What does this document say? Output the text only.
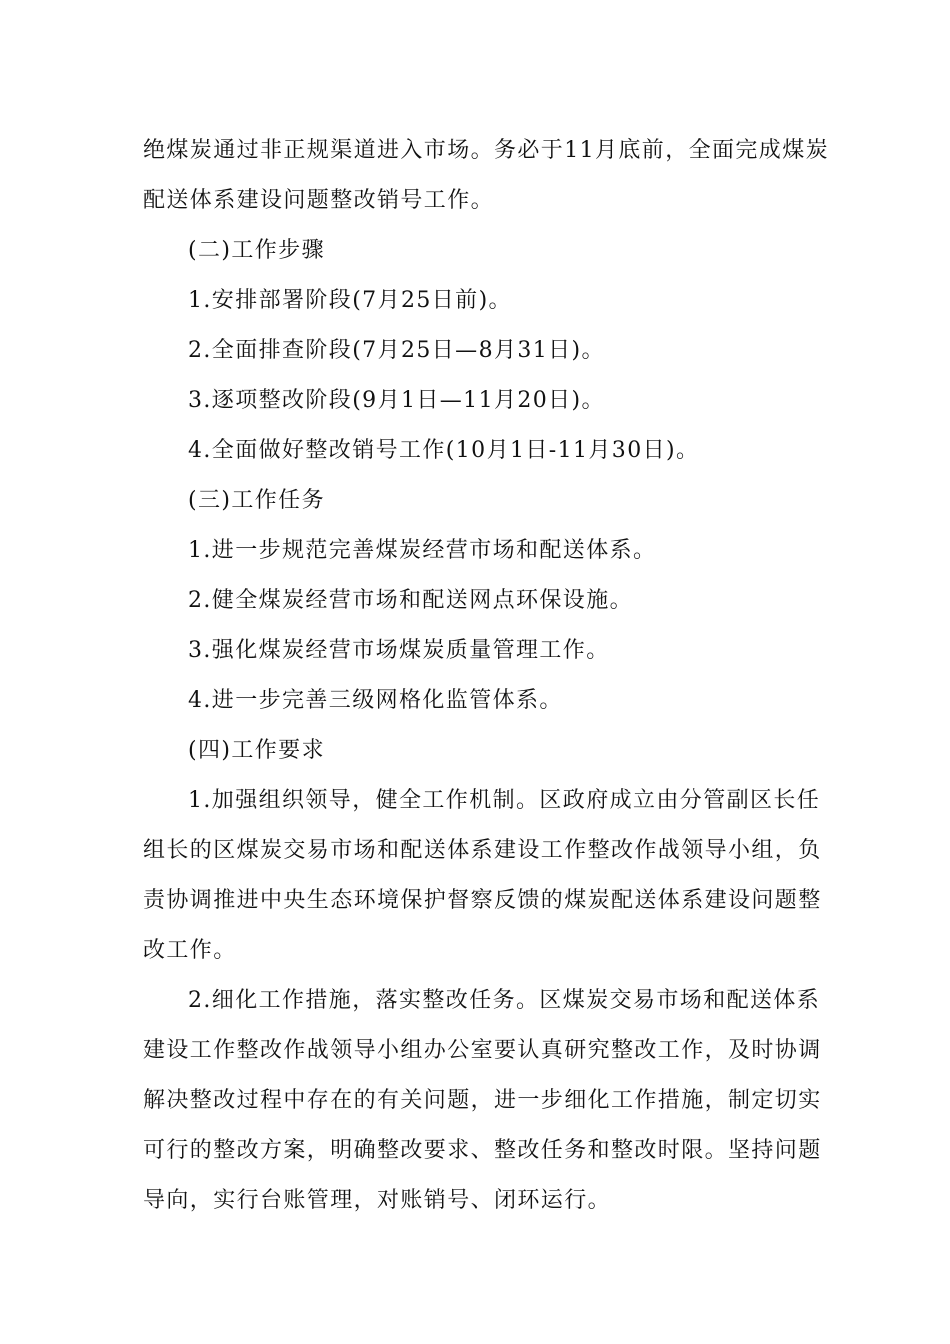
绝煤炭通过非正规渠道进入市场。务必于11月底前，全面完成煤炭
配送体系建设问题整改销号工作。
(二)工作步骤
1.安排部署阶段(7月25日前)。
2.全面排查阶段(7月25日—8月31日)。
3.逐项整改阶段(9月1日—11月20日)。
4.全面做好整改销号工作(10月1日-11月30日)。
(三)工作任务
1.进一步规范完善煤炭经营市场和配送体系。
2.健全煤炭经营市场和配送网点环保设施。
3.强化煤炭经营市场煤炭质量管理工作。
4.进一步完善三级网格化监管体系。
(四)工作要求
1.加强组织领导，健全工作机制。区政府成立由分管副区长任
组长的区煤炭交易市场和配送体系建设工作整改作战领导小组，负
责协调推进中央生态环境保护督察反馈的煤炭配送体系建设问题整
改工作。
2.细化工作措施，落实整改任务。区煤炭交易市场和配送体系
建设工作整改作战领导小组办公室要认真研究整改工作，及时协调
解决整改过程中存在的有关问题，进一步细化工作措施，制定切实
可行的整改方案，明确整改要求、整改任务和整改时限。坚持问题
导向，实行台账管理，对账销号、闭环运行。
